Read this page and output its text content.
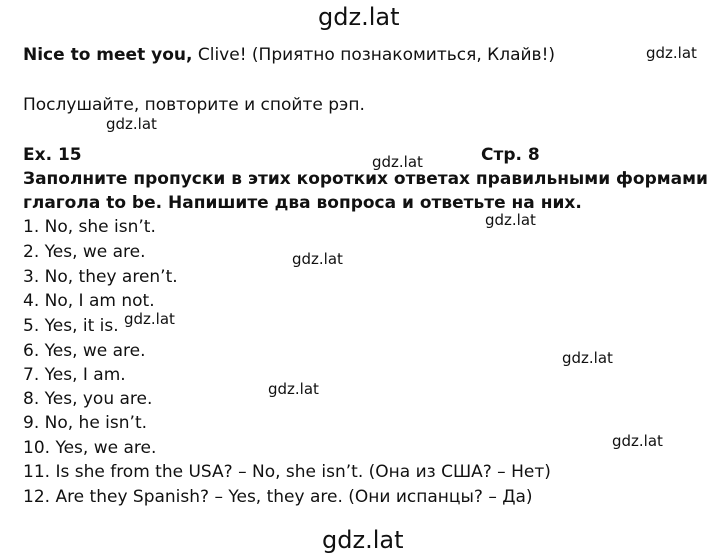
gdz.lat
gdz.lat
gdz.lat
gdz.lat
gdz.lat
gdz.lat
gdz.lat
gdz.lat
gdz.lat
gdz.lat
gdz.lat
Nice to meet you, Clive! (Приятно познакомиться, Клайв!)
Послушайте, повторите и спойте рэп.
Ex. 15	Стр. 8
Заполните пропуски в этих коротких ответах правильными формами
глагола to be. Напишите два вопроса и ответьте на них.
1. No, she isn’t.
2. Yes, we are.
3. No, they aren’t.
4. No, I am not.
5. Yes, it is.
6. Yes, we are.
7. Yes, I am.
8. Yes, you are.
9. No, he isn’t.
10. Yes, we are.
11. Is she from the USA? – No, she isn’t. (Она из США? – Нет)
12. Are they Spanish? – Yes, they are. (Они испанцы? – Да)
